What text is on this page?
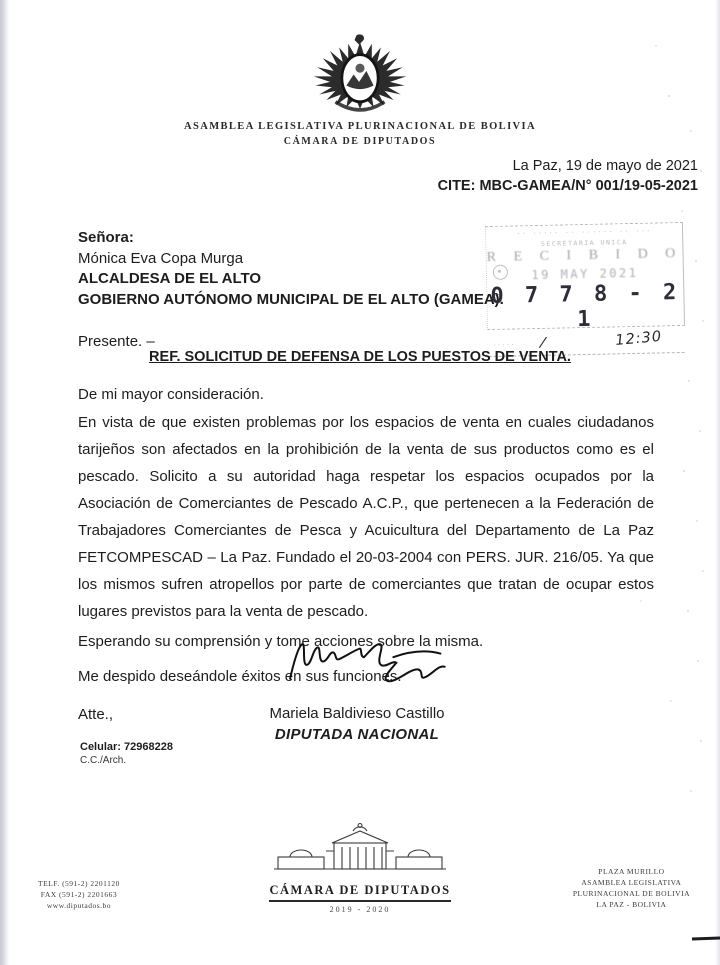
ASAMBLEA LEGISLATIVA PLURINACIONAL DE BOLIVIA
CÁMARA DE DIPUTADOS
La Paz, 19 de mayo de 2021
CITE: MBC-GAMEA/N° 001/19-05-2021
Señora:
Mónica Eva Copa Murga
ALCALDESA DE EL ALTO
GOBIERNO AUTÓNOMO MUNICIPAL DE EL ALTO (GAMEA).
Presente. –
·· ····· ·· ······ ·· ···
SECRETARIA UNICA
R E C I B I D O
19 MAY 2021
0 7 7 8 - 2 1
····· /	12:30
REF. SOLICITUD DE DEFENSA DE LOS PUESTOS DE VENTA.

De mi mayor consideración.

En vista de que existen problemas por los espacios de venta en cuales ciudadanos tarijeños son afectados en la prohibición de la venta de sus productos como es el pescado. Solicito a su autoridad haga respetar los espacios ocupados por la Asociación de Comerciantes de Pescado A.C.P., que pertenecen a la Federación de Trabajadores Comerciantes de Pesca y Acuicultura del Departamento de La Paz FETCOMPESCAD – La Paz. Fundado el 20-03-2004 con PERS. JUR. 216/05. Ya que los mismos sufren atropellos por parte de comerciantes que tratan de ocupar estos lugares previstos para la venta de pescado.

Esperando su comprensión y tome acciones sobre la misma.

Me despido deseándole éxitos en sus funciones.

Atte.,	Mariela Baldivieso Castillo
DIPUTADA NACIONAL
Celular: 72968228
C.C./Arch.
TELF. (591-2) 2201120
FAX (591-2) 2201663
www.diputados.bo
CÁMARA DE DIPUTADOS
2019 - 2020
PLAZA MURILLO
ASAMBLEA LEGISLATIVA
PLURINACIONAL DE BOLIVIA
LA PAZ - BOLIVIA
